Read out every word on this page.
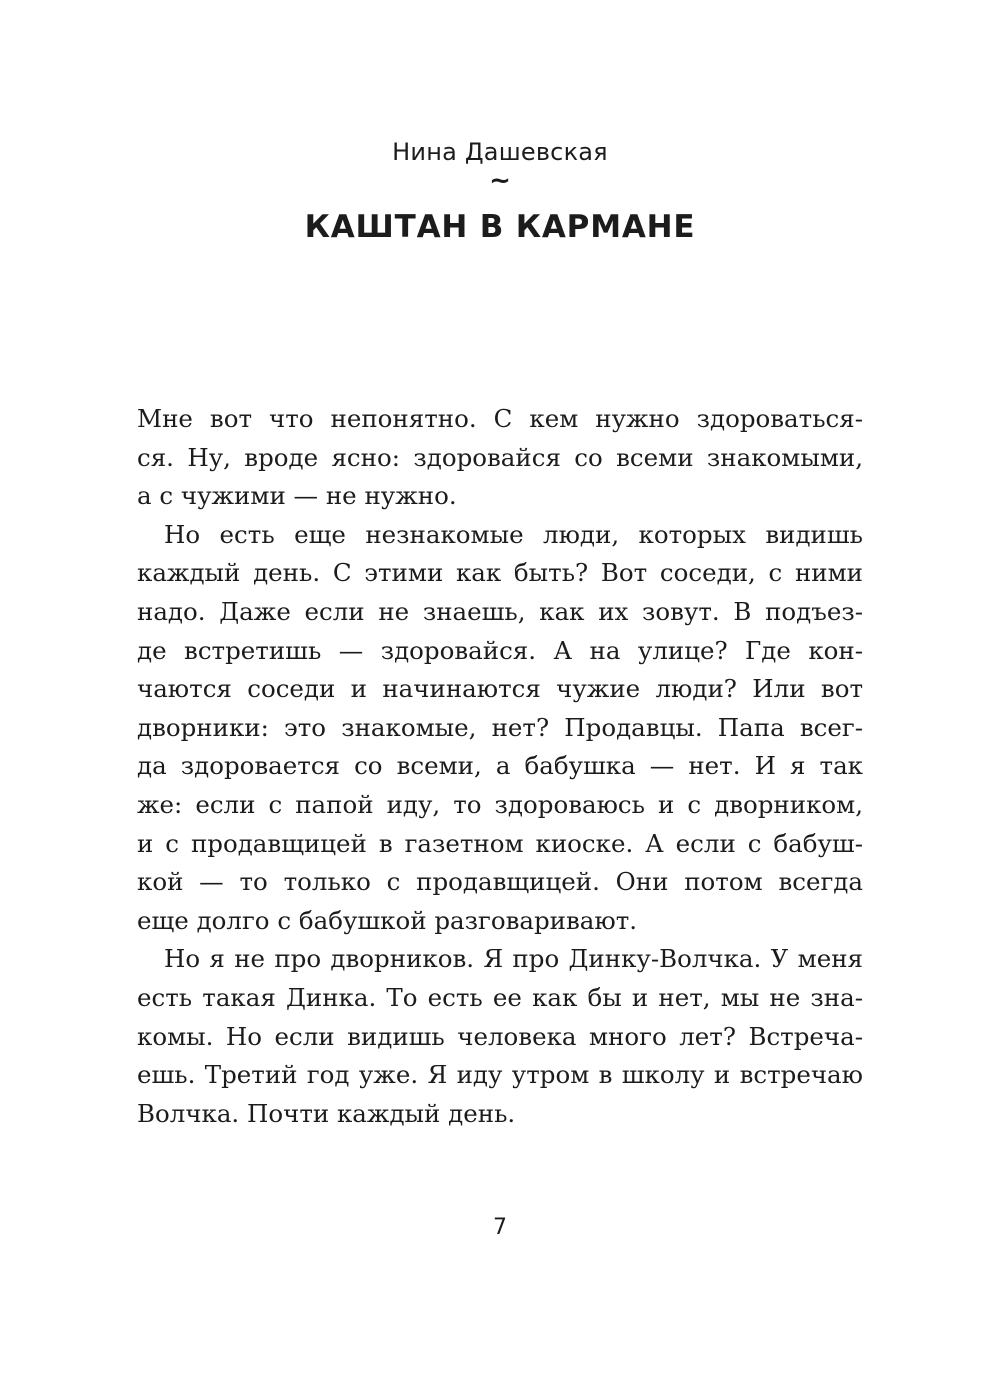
Нина Дашевская
~
КАШТАН В КАРМАНЕ
Мне вот что непонятно. С кем нужно здороваться-
ся. Ну, вроде ясно: здоровайся со всеми знакомыми,
а с чужими — не нужно.
Но есть еще незнакомые люди, которых видишь
каждый день. С этими как быть? Вот соседи, с ними
надо. Даже если не знаешь, как их зовут. В подъез-
де встретишь — здоровайся. А на улице? Где кон-
чаются соседи и начинаются чужие люди? Или вот
дворники: это знакомые, нет? Продавцы. Папа всег-
да здоровается со всеми, а бабушка — нет. И я так
же: если с папой иду, то здороваюсь и с дворником,
и с продавщицей в газетном киоске. А если с бабуш-
кой — то только с продавщицей. Они потом всегда
еще долго с бабушкой разговаривают.
Но я не про дворников. Я про Динку-Волчка. У меня
есть такая Динка. То есть ее как бы и нет, мы не зна-
комы. Но если видишь человека много лет? Встреча-
ешь. Третий год уже. Я иду утром в школу и встречаю
Волчка. Почти каждый день.
7
